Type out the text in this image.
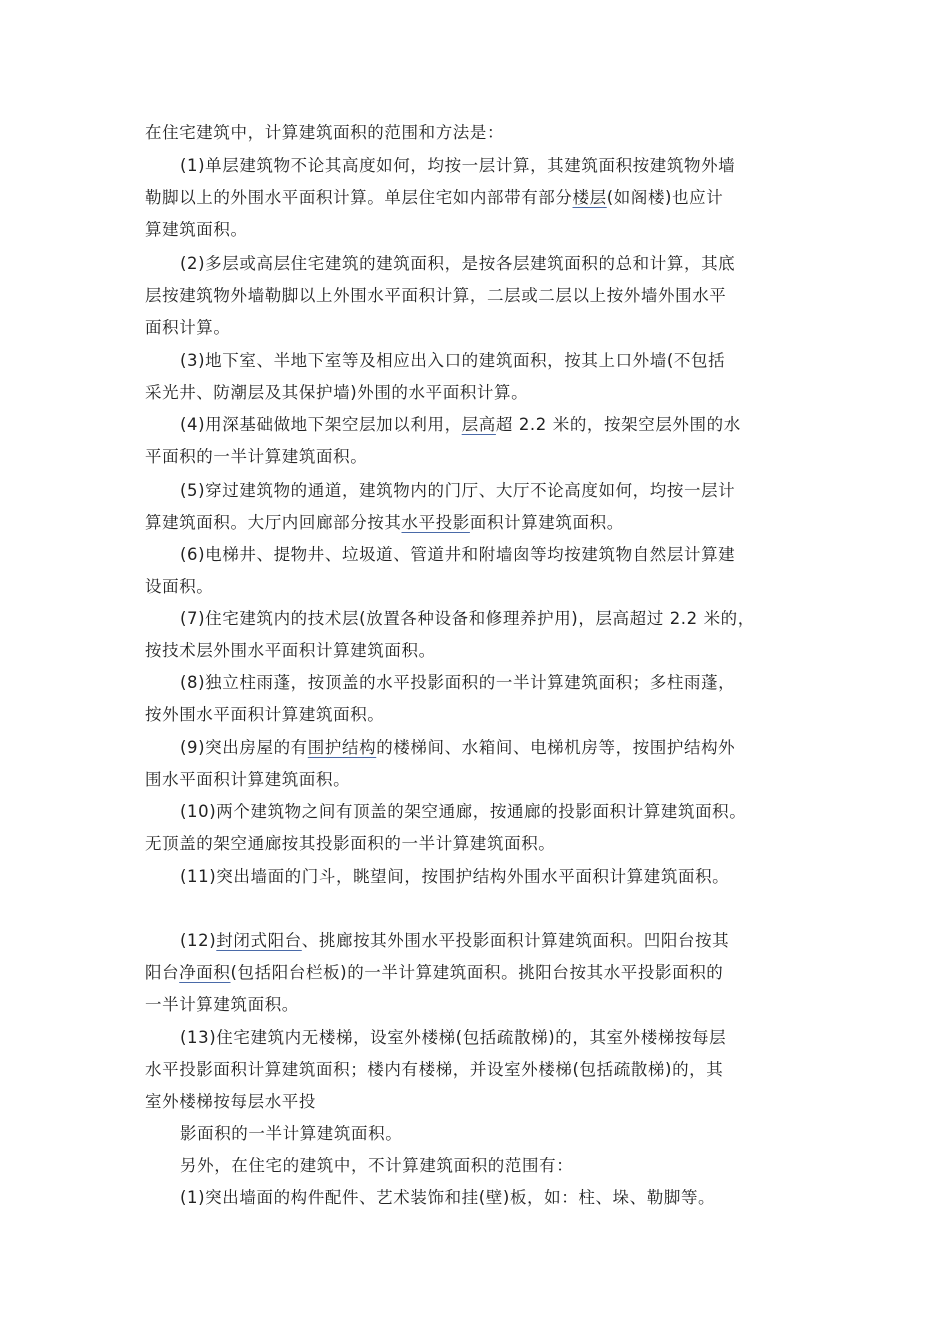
在住宅建筑中，计算建筑面积的范围和方法是：
(1)单层建筑物不论其高度如何，均按一层计算，其建筑面积按建筑物外墙
勒脚以上的外围水平面积计算。单层住宅如内部带有部分楼层(如阁楼)也应计
算建筑面积。
(2)多层或高层住宅建筑的建筑面积，是按各层建筑面积的总和计算，其底
层按建筑物外墙勒脚以上外围水平面积计算，二层或二层以上按外墙外围水平
面积计算。
(3)地下室、半地下室等及相应出入口的建筑面积，按其上口外墙(不包括
采光井、防潮层及其保护墙)外围的水平面积计算。
(4)用深基础做地下架空层加以利用，层高超 2.2 米的，按架空层外围的水
平面积的一半计算建筑面积。
(5)穿过建筑物的通道，建筑物内的门厅、大厅不论高度如何，均按一层计
算建筑面积。大厅内回廊部分按其水平投影面积计算建筑面积。
(6)电梯井、提物井、垃圾道、管道井和附墙囱等均按建筑物自然层计算建
设面积。
(7)住宅建筑内的技术层(放置各种设备和修理养护用)，层高超过 2.2 米的，
按技术层外围水平面积计算建筑面积。
(8)独立柱雨蓬，按顶盖的水平投影面积的一半计算建筑面积；多柱雨蓬，
按外围水平面积计算建筑面积。
(9)突出房屋的有围护结构的楼梯间、水箱间、电梯机房等，按围护结构外
围水平面积计算建筑面积。
(10)两个建筑物之间有顶盖的架空通廊，按通廊的投影面积计算建筑面积。
无顶盖的架空通廊按其投影面积的一半计算建筑面积。
(11)突出墙面的门斗，眺望间，按围护结构外围水平面积计算建筑面积。
(12)封闭式阳台、挑廊按其外围水平投影面积计算建筑面积。凹阳台按其
阳台净面积(包括阳台栏板)的一半计算建筑面积。挑阳台按其水平投影面积的
一半计算建筑面积。
(13)住宅建筑内无楼梯，设室外楼梯(包括疏散梯)的，其室外楼梯按每层
水平投影面积计算建筑面积；楼内有楼梯，并设室外楼梯(包括疏散梯)的，其
室外楼梯按每层水平投
影面积的一半计算建筑面积。
另外，在住宅的建筑中，不计算建筑面积的范围有：
(1)突出墙面的构件配件、艺术装饰和挂(壁)板，如：柱、垛、勒脚等。
